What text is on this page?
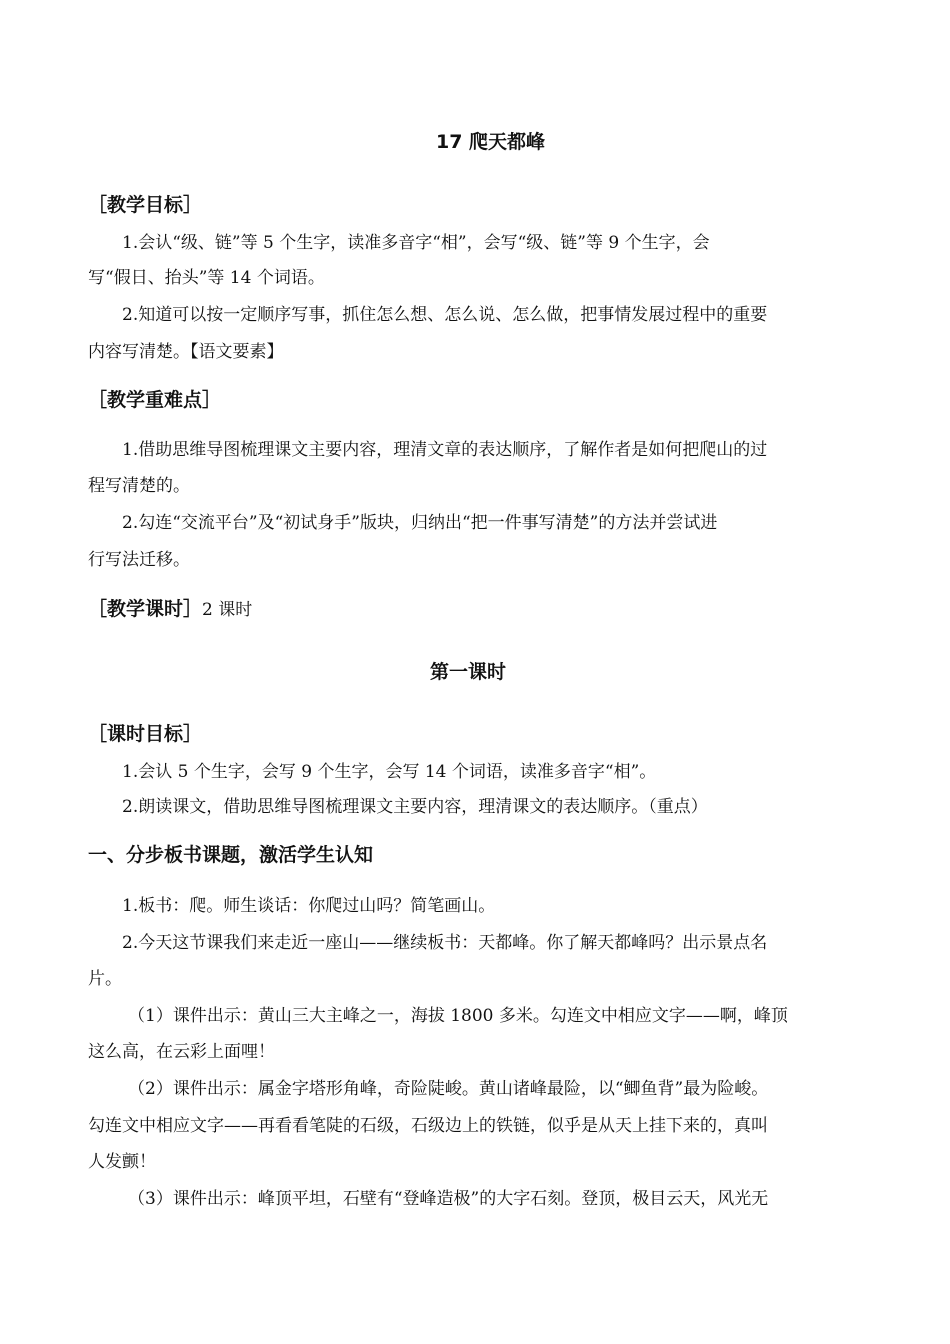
17 爬天都峰
［教学目标］
1.会认“级、链”等 5 个生字，读准多音字“相”，会写“级、链”等 9 个生字，会
写“假日、抬头”等 14 个词语。
2.知道可以按一定顺序写事，抓住怎么想、怎么说、怎么做，把事情发展过程中的重要
内容写清楚。【语文要素】
［教学重难点］
1.借助思维导图梳理课文主要内容，理清文章的表达顺序，了解作者是如何把爬山的过
程写清楚的。
2.勾连“交流平台”及“初试身手”版块，归纳出“把一件事写清楚”的方法并尝试进
行写法迁移。
［教学课时］2 课时
第一课时
［课时目标］
1.会认 5 个生字，会写 9 个生字，会写 14 个词语，读准多音字“相”。
2.朗读课文，借助思维导图梳理课文主要内容，理清课文的表达顺序。（重点）
一、分步板书课题，激活学生认知
1.板书：爬。师生谈话：你爬过山吗？简笔画山。
2.今天这节课我们来走近一座山——继续板书：天都峰。你了解天都峰吗？出示景点名
片。
（1）课件出示：黄山三大主峰之一，海拔 1800 多米。勾连文中相应文字——啊，峰顶
这么高，在云彩上面哩！
（2）课件出示：属金字塔形角峰，奇险陡峻。黄山诸峰最险，以“鲫鱼背”最为险峻。
勾连文中相应文字——再看看笔陡的石级，石级边上的铁链，似乎是从天上挂下来的，真叫
人发颤！
（3）课件出示：峰顶平坦，石壁有“登峰造极”的大字石刻。登顶，极目云天，风光无
